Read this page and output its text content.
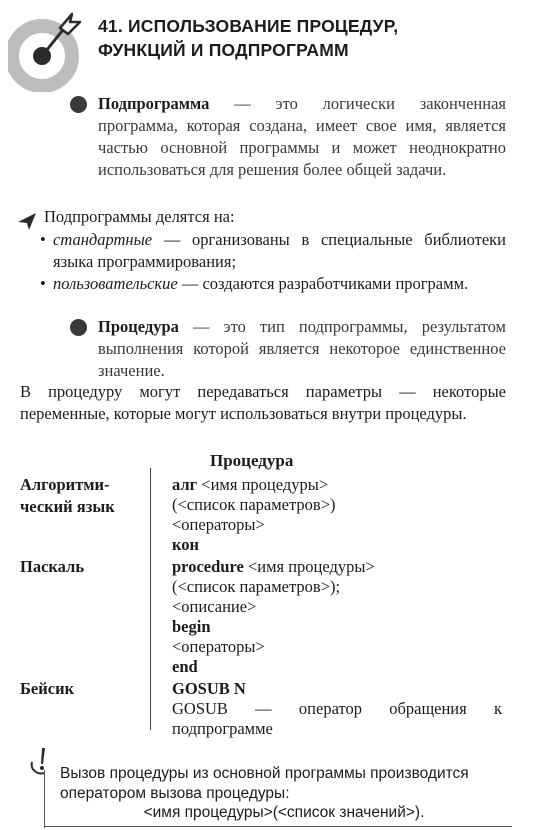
41. ИСПОЛЬЗОВАНИЕ ПРОЦЕДУР,
ФУНКЦИЙ И ПОДПРОГРАММ
Подпрограмма — это логически законченная программа, которая создана, имеет свое имя, является частью основной программы и может неоднократно использоваться для решения более общей задачи.
Подпрограммы делятся на:
• стандартные — организованы в специальные библиотеки языка программирования;
• пользовательские — создаются разработчиками программ.
Процедура — это тип подпрограммы, результатом выполнения которой является некоторое единственное значение.
В процедуру могут передаваться параметры — некоторые переменные, которые могут использоваться внутри процедуры.
Процедура
Алгоритми-
ческий язык
алг <имя процедуры>
(<список параметров>)
<операторы>
кон
Паскаль	procedure <имя процедуры>
(<список параметров>);
<описание>
begin
<операторы>
end
Бейсик	GOSUB N
GOSUB — оператор обращения к подпрограмме
Вызов процедуры из основной программы производится оператором вызова процедуры:
<имя процедуры>(<список значений>).
